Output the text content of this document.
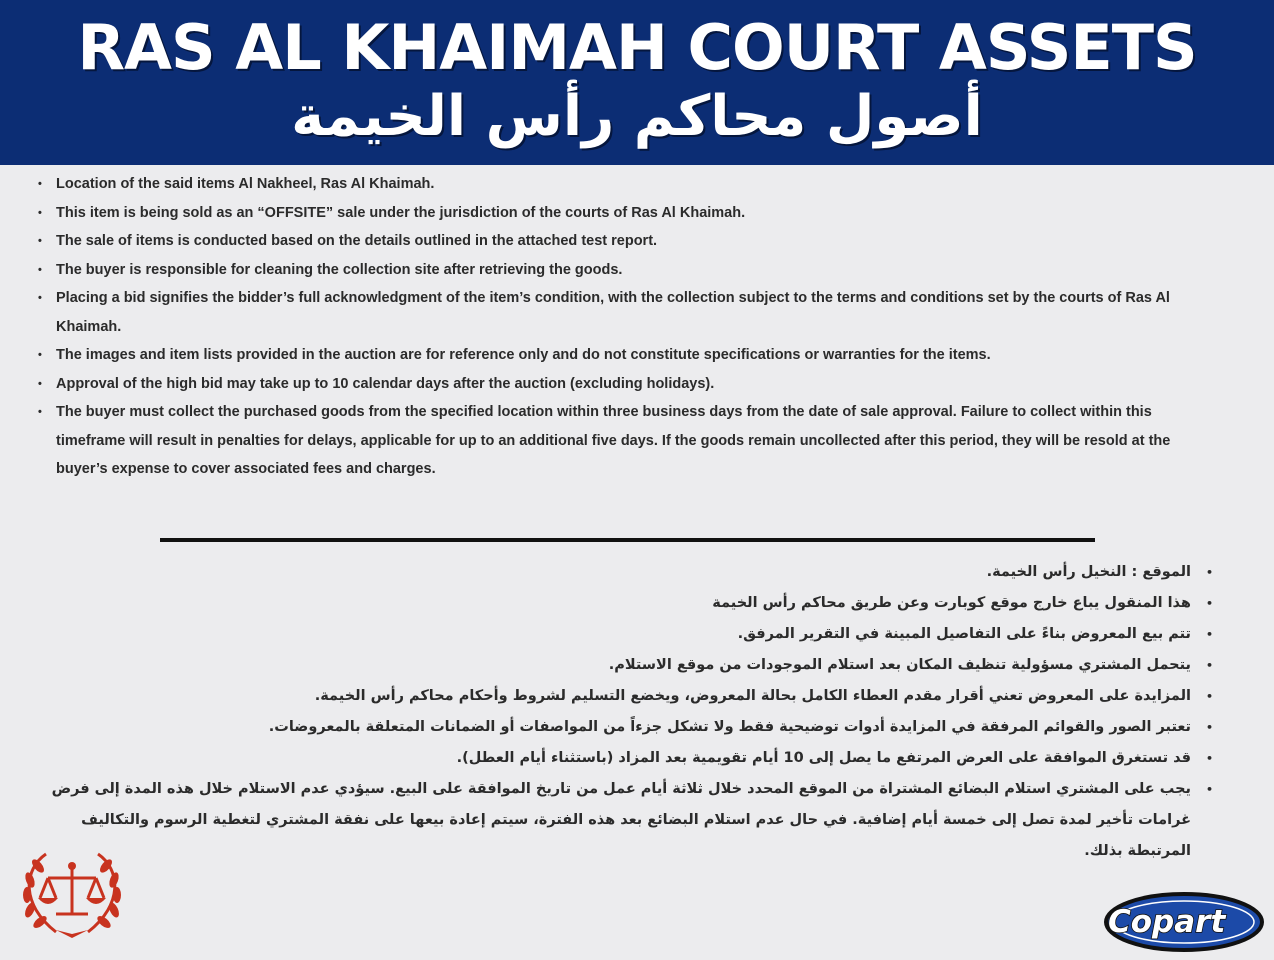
RAS AL KHAIMAH COURT ASSETS
أصول محاكم رأس الخيمة
• Location of the said items Al Nakheel, Ras Al Khaimah.
• This item is being sold as an “OFFSITE” sale under the jurisdiction of the courts of Ras Al Khaimah.
• The sale of items is conducted based on the details outlined in the attached test report.
• The buyer is responsible for cleaning the collection site after retrieving the goods.
• Placing a bid signifies the bidder’s full acknowledgment of the item’s condition, with the collection subject to the terms and conditions set by the courts of Ras Al Khaimah.
• The images and item lists provided in the auction are for reference only and do not constitute specifications or warranties for the items.
• Approval of the high bid may take up to 10 calendar days after the auction (excluding holidays).
• The buyer must collect the purchased goods from the specified location within three business days from the date of sale approval. Failure to collect within this timeframe will result in penalties for delays, applicable for up to an additional five days. If the goods remain uncollected after this period, they will be resold at the buyer’s expense to cover associated fees and charges.
• الموقع : النخيل رأس الخيمة.
• هذا المنقول يباع خارج موقع كوبارت وعن طريق محاكم رأس الخيمة
• تتم بيع المعروض بناءً على التفاصيل المبينة في التقرير المرفق.
• يتحمل المشتري مسؤولية تنظيف المكان بعد استلام الموجودات من موقع الاستلام.
• المزايدة على المعروض تعني أقرار مقدم العطاء الكامل بحالة المعروض، ويخضع التسليم لشروط وأحكام محاكم رأس الخيمة.
• تعتبر الصور والقوائم المرفقة في المزايدة أدوات توضيحية فقط ولا تشكل جزءاً من المواصفات أو الضمانات المتعلقة بالمعروضات.
• قد تستغرق الموافقة على العرض المرتفع ما يصل إلى 10 أيام تقويمية بعد المزاد (باستثناء أيام العطل).
• يجب على المشتري استلام البضائع المشتراة من الموقع المحدد خلال ثلاثة أيام عمل من تاريخ الموافقة على البيع. سيؤدي عدم الاستلام خلال هذه المدة إلى فرض غرامات تأخير لمدة تصل إلى خمسة أيام إضافية. في حال عدم استلام البضائع بعد هذه الفترة، سيتم إعادة بيعها على نفقة المشتري لتغطية الرسوم والتكاليف المرتبطة بذلك.
Copart
